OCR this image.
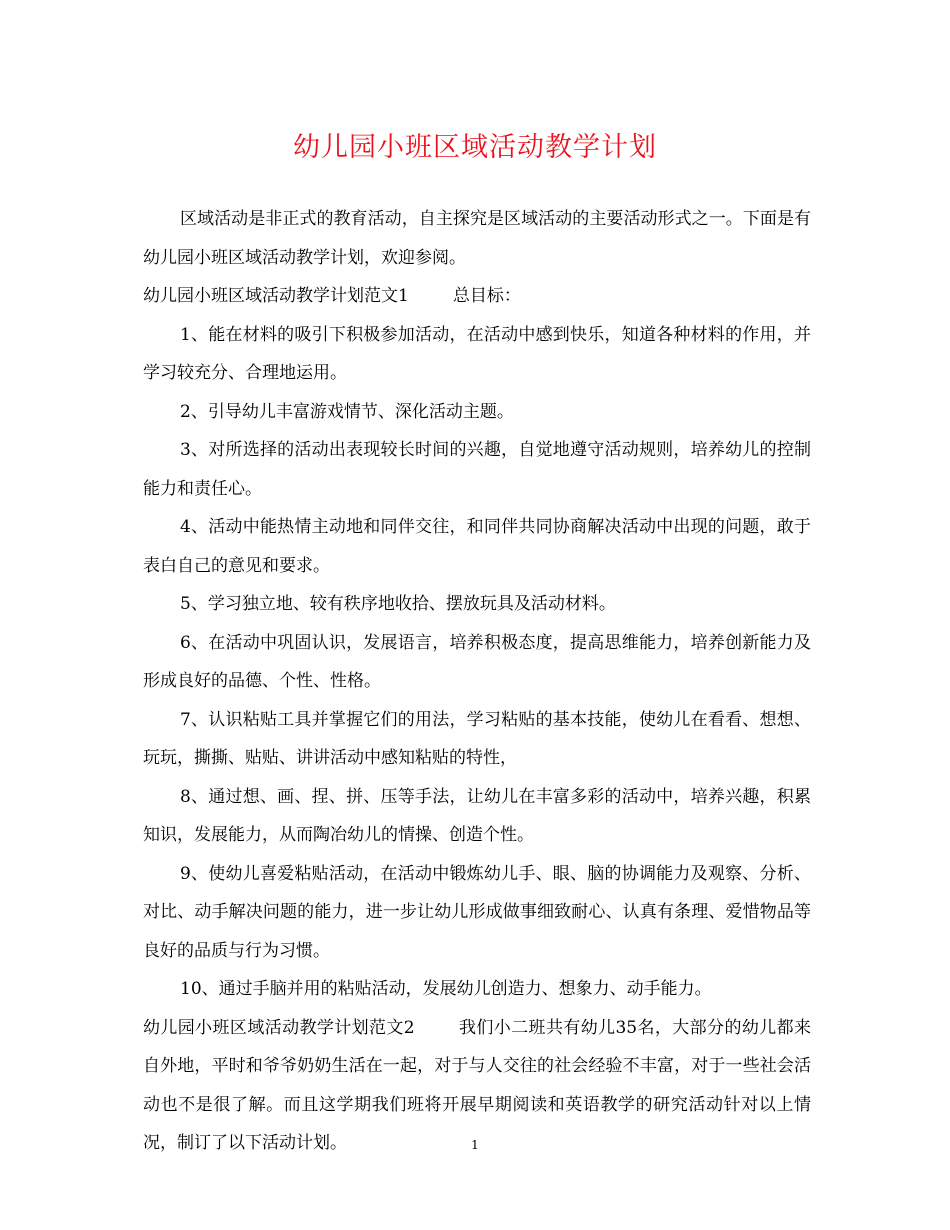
幼儿园小班区域活动教学计划

区域活动是非正式的教育活动，自主探究是区域活动的主要活动形式之一。下面是有幼儿园小班区域活动教学计划，欢迎参阅。

幼儿园小班区域活动教学计划范文1	总目标：

1、能在材料的吸引下积极参加活动，在活动中感到快乐，知道各种材料的作用，并学习较充分、合理地运用。

2、引导幼儿丰富游戏情节、深化活动主题。

3、对所选择的活动出表现较长时间的兴趣，自觉地遵守活动规则，培养幼儿的控制能力和责任心。

4、活动中能热情主动地和同伴交往，和同伴共同协商解决活动中出现的问题，敢于表白自己的意见和要求。

5、学习独立地、较有秩序地收拾、摆放玩具及活动材料。

6、在活动中巩固认识，发展语言，培养积极态度，提高思维能力，培养创新能力及形成良好的品德、个性、性格。

7、认识粘贴工具并掌握它们的用法，学习粘贴的基本技能，使幼儿在看看、想想、玩玩，撕撕、贴贴、讲讲活动中感知粘贴的特性，

8、通过想、画、捏、拼、压等手法，让幼儿在丰富多彩的活动中，培养兴趣，积累知识，发展能力，从而陶冶幼儿的情操、创造个性。

9、使幼儿喜爱粘贴活动，在活动中锻炼幼儿手、眼、脑的协调能力及观察、分析、对比、动手解决问题的能力，进一步让幼儿形成做事细致耐心、认真有条理、爱惜物品等良好的品质与行为习惯。

10、通过手脑并用的粘贴活动，发展幼儿创造力、想象力、动手能力。

幼儿园小班区域活动教学计划范文2	我们小二班共有幼儿35名，大部分的幼儿都来自外地，平时和爷爷奶奶生活在一起，对于与人交往的社会经验不丰富，对于一些社会活动也不是很了解。而且这学期我们班将开展早期阅读和英语教学的研究活动针对以上情况，制订了以下活动计划。	1
